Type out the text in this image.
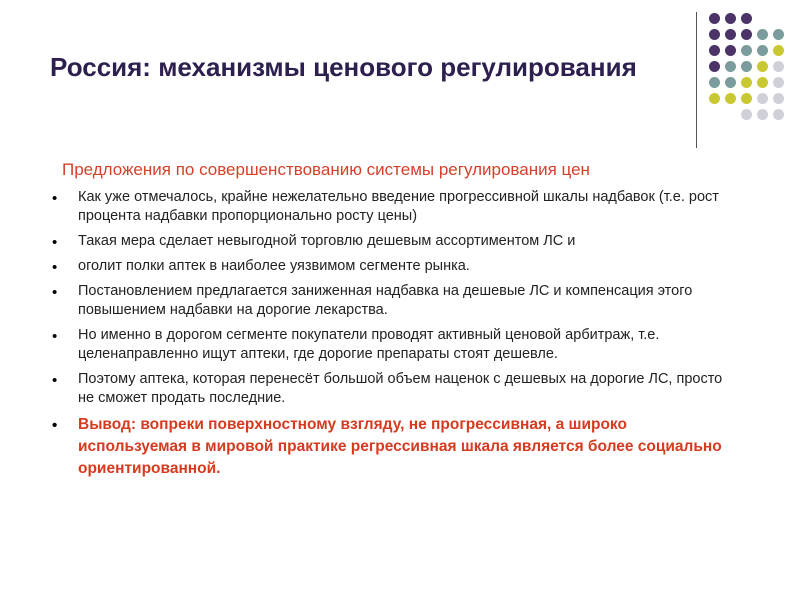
Россия: механизмы ценового регулирования
Предложения по совершенствованию системы регулирования цен
• Как уже отмечалось, крайне нежелательно введение прогрессивной шкалы надбавок (т.е. рост процента надбавки пропорционально росту цены)
• Такая мера сделает невыгодной торговлю дешевым ассортиментом ЛС и
• оголит полки аптек в наиболее уязвимом сегменте рынка.
• Постановлением предлагается заниженная надбавка на дешевые ЛС и компенсация этого повышением надбавки на дорогие лекарства.
• Но именно в дорогом сегменте покупатели проводят активный ценовой арбитраж, т.е. целенаправленно ищут аптеки, где дорогие препараты стоят дешевле.
• Поэтому аптека, которая перенесёт большой объем наценок с дешевых на дорогие ЛС, просто не сможет продать последние.
• Вывод: вопреки поверхностному взгляду, не прогрессивная, а широко используемая в мировой практике регрессивная шкала является более социально ориентированной.
